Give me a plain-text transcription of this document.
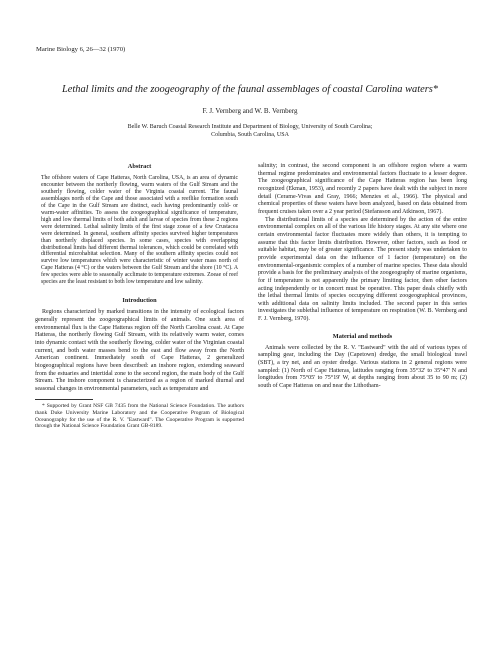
Marine Biology 6, 26—32 (1970)
Lethal limits and the zoogeography of the faunal assemblages of coastal Carolina waters*
F. J. Vernberg and W. B. Vernberg
Belle W. Baruch Coastal Research Institute and Department of Biology, University of South Carolina;
Columbia, South Carolina, USA
Abstract

The offshore waters of Cape Hatteras, North Carolina, USA, is an area of dynamic encounter between the northerly flowing, warm waters of the Gulf Stream and the southerly flowing, colder water of the Virginia coastal current. The faunal assemblages north of the Cape and those associated with a reeflike formation south of the Cape in the Gulf Stream are distinct, each having predominantly cold- or warm-water affinities. To assess the zoogeographical significance of temperature, high and low thermal limits of both adult and larvae of species from these 2 regions were determined. Lethal salinity limits of the first stage zoeae of a few Crustacea were determined. In general, southern affinity species survived higher temperatures than northerly displaced species. In some cases, species with overlapping distributional limits had different thermal tolerances, which could be correlated with differential microhabitat selection. Many of the southern affinity species could not survive low temperatures which were characteristic of winter water mass north of Cape Hatteras (4 °C) or the waters between the Gulf Stream and the shore (10 °C). A few species were able to seasonally acclimate to temperature extremes. Zoeae of reef species are the least resistant to both low temperature and low salinity.

Introduction

Regions characterized by marked transitions in the intensity of ecological factors generally represent the zoogeographical limits of animals. One such area of environmental flux is the Cape Hatteras region off the North Carolina coast. At Cape Hatteras, the northerly flowing Gulf Stream, with its relatively warm water, comes into dynamic contact with the southerly flowing, colder water of the Virginian coastal current, and both water masses bend to the east and flow away from the North American continent. Immediately south of Cape Hatteras, 2 generalized biogeographical regions have been described: an inshore region, extending seaward from the estuaries and intertidal zone to the second region, the main body of the Gulf Stream. The inshore component is characterized as a region of marked diurnal and seasonal changes in environmental parameters, such as temperature and

* Supported by Grant NSF GB 7435 from the National Science Foundation. The authors thank Duke University Marine Laboratory and the Cooperative Program of Biological Oceanography for the use of the R. V. "Eastward". The Cooperative Program is supported through the National Science Foundation Grant GB-8189.

salinity; in contrast, the second component is an offshore region where a warm thermal regime predominates and environmental factors fluctuate to a lesser degree. The zoogeographical significance of the Cape Hatteras region has been long recognized (Ekman, 1953), and recently 2 papers have dealt with the subject in more detail (Cerame-Vivas and Gray, 1966; Menzies et al., 1966). The physical and chemical properties of these waters have been analyzed, based on data obtained from frequent cruises taken over a 2 year period (Stefansson and Atkinson, 1967).

The distributional limits of a species are determined by the action of the entire environmental complex on all of the various life history stages. At any site where one certain environmental factor fluctuates more widely than others, it is tempting to assume that this factor limits distribution. However, other factors, such as food or suitable habitat, may be of greater significance. The present study was undertaken to provide experimental data on the influence of 1 factor (temperature) on the environmental-organismic complex of a number of marine species. These data should provide a basis for the preliminary analysis of the zoogeography of marine organisms, for if temperature is not apparently the primary limiting factor, then other factors acting independently or in concert must be operative. This paper deals chiefly with the lethal thermal limits of species occupying different zoogeographical provinces, with additional data on salinity limits included. The second paper in this series investigates the sublethal influence of temperature on respiration (W. B. Vernberg and F. J. Vernberg, 1970).

Material and methods

Animals were collected by the R. V. "Eastward" with the aid of various types of sampling gear, including the Day (Capetown) dredge, the small biological trawl (SBT), a try net, and an oyster dredge. Various stations in 2 general regions were sampled: (1) North of Cape Hatteras, latitudes ranging from 35°32' to 35°47' N and longitudes from 75°05' to 75°19' W, at depths ranging from about 35 to 90 m; (2) south of Cape Hatteras on and near the Lithotham-
